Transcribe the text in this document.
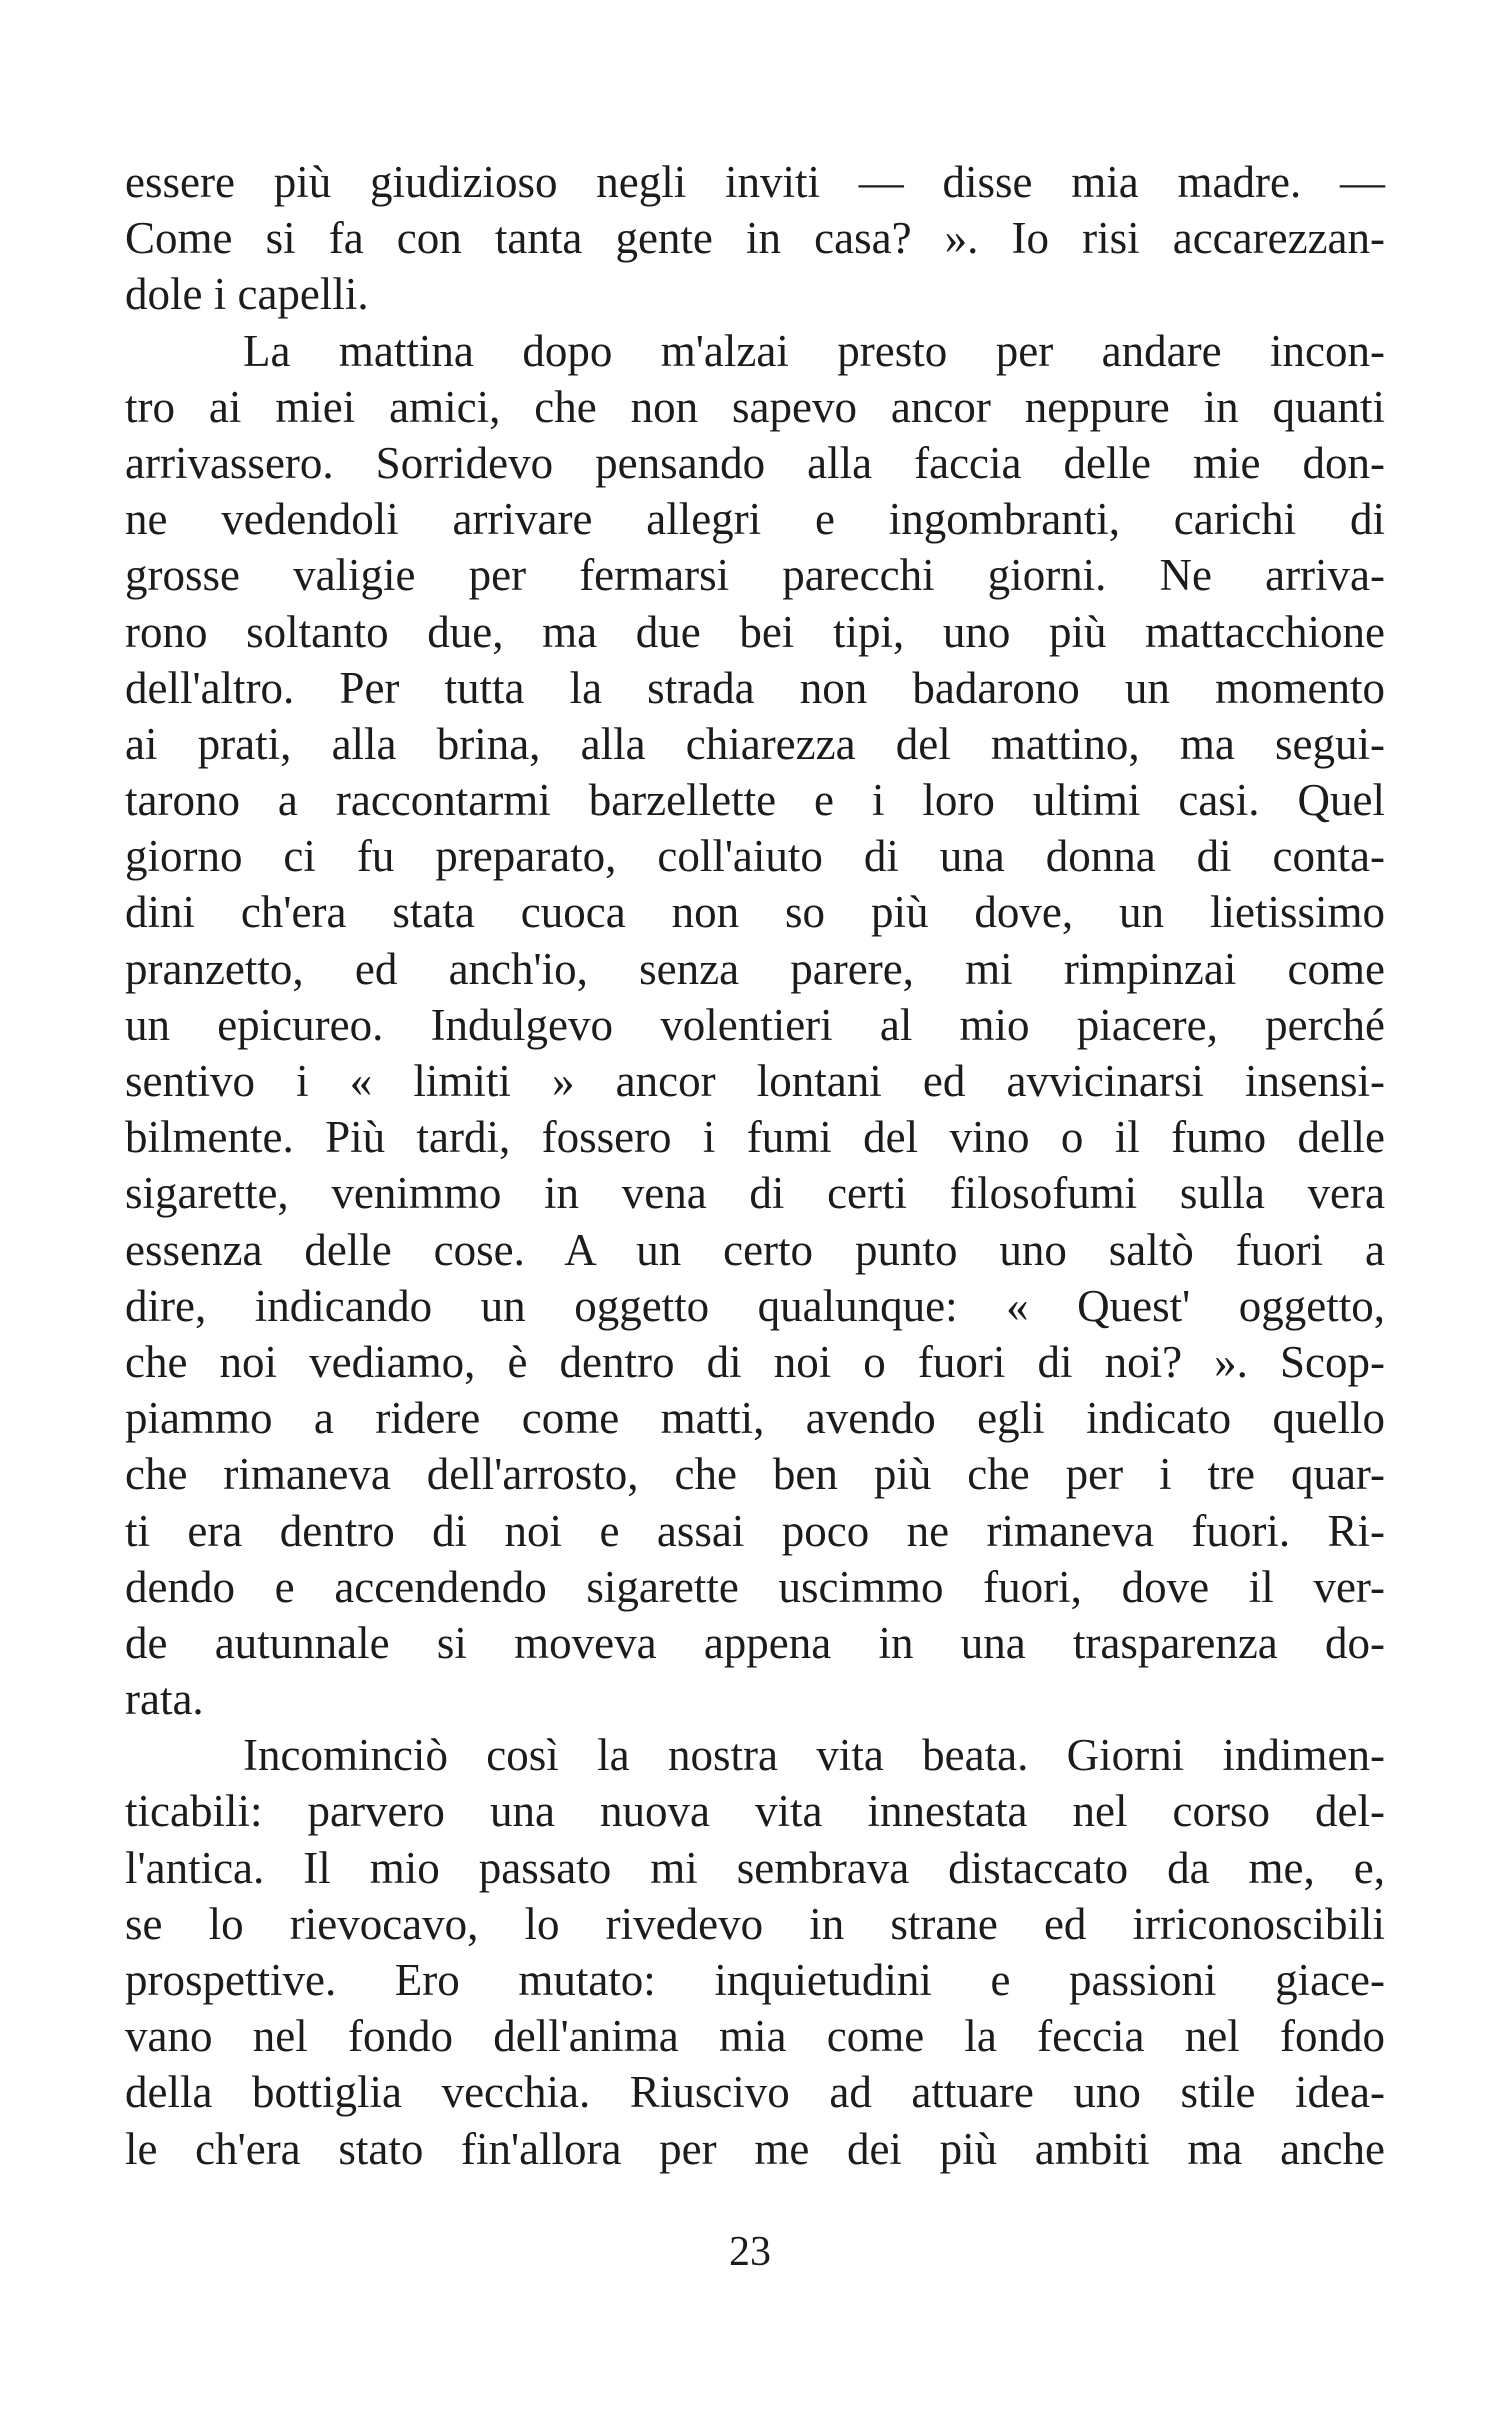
essere più giudizioso negli inviti — disse mia madre. —
Come si fa con tanta gente in casa? ». Io risi accarezzan-
dole i capelli.
La mattina dopo m'alzai presto per andare incon-
tro ai miei amici, che non sapevo ancor neppure in quanti
arrivassero. Sorridevo pensando alla faccia delle mie don-
ne vedendoli arrivare allegri e ingombranti, carichi di
grosse valigie per fermarsi parecchi giorni. Ne arriva-
rono soltanto due, ma due bei tipi, uno più mattacchione
dell'altro. Per tutta la strada non badarono un momento
ai prati, alla brina, alla chiarezza del mattino, ma segui-
tarono a raccontarmi barzellette e i loro ultimi casi. Quel
giorno ci fu preparato, coll'aiuto di una donna di conta-
dini ch'era stata cuoca non so più dove, un lietissimo
pranzetto, ed anch'io, senza parere, mi rimpinzai come
un epicureo. Indulgevo volentieri al mio piacere, perché
sentivo i « limiti » ancor lontani ed avvicinarsi insensi-
bilmente. Più tardi, fossero i fumi del vino o il fumo delle
sigarette, venimmo in vena di certi filosofumi sulla vera
essenza delle cose. A un certo punto uno saltò fuori a
dire, indicando un oggetto qualunque: « Quest' oggetto,
che noi vediamo, è dentro di noi o fuori di noi? ». Scop-
piammo a ridere come matti, avendo egli indicato quello
che rimaneva dell'arrosto, che ben più che per i tre quar-
ti era dentro di noi e assai poco ne rimaneva fuori. Ri-
dendo e accendendo sigarette uscimmo fuori, dove il ver-
de autunnale si moveva appena in una trasparenza do-
rata.
Incominciò così la nostra vita beata. Giorni indimen-
ticabili: parvero una nuova vita innestata nel corso del-
l'antica. Il mio passato mi sembrava distaccato da me, e,
se lo rievocavo, lo rivedevo in strane ed irriconoscibili
prospettive. Ero mutato: inquietudini e passioni giace-
vano nel fondo dell'anima mia come la feccia nel fondo
della bottiglia vecchia. Riuscivo ad attuare uno stile idea-
le ch'era stato fin'allora per me dei più ambiti ma anche
23
